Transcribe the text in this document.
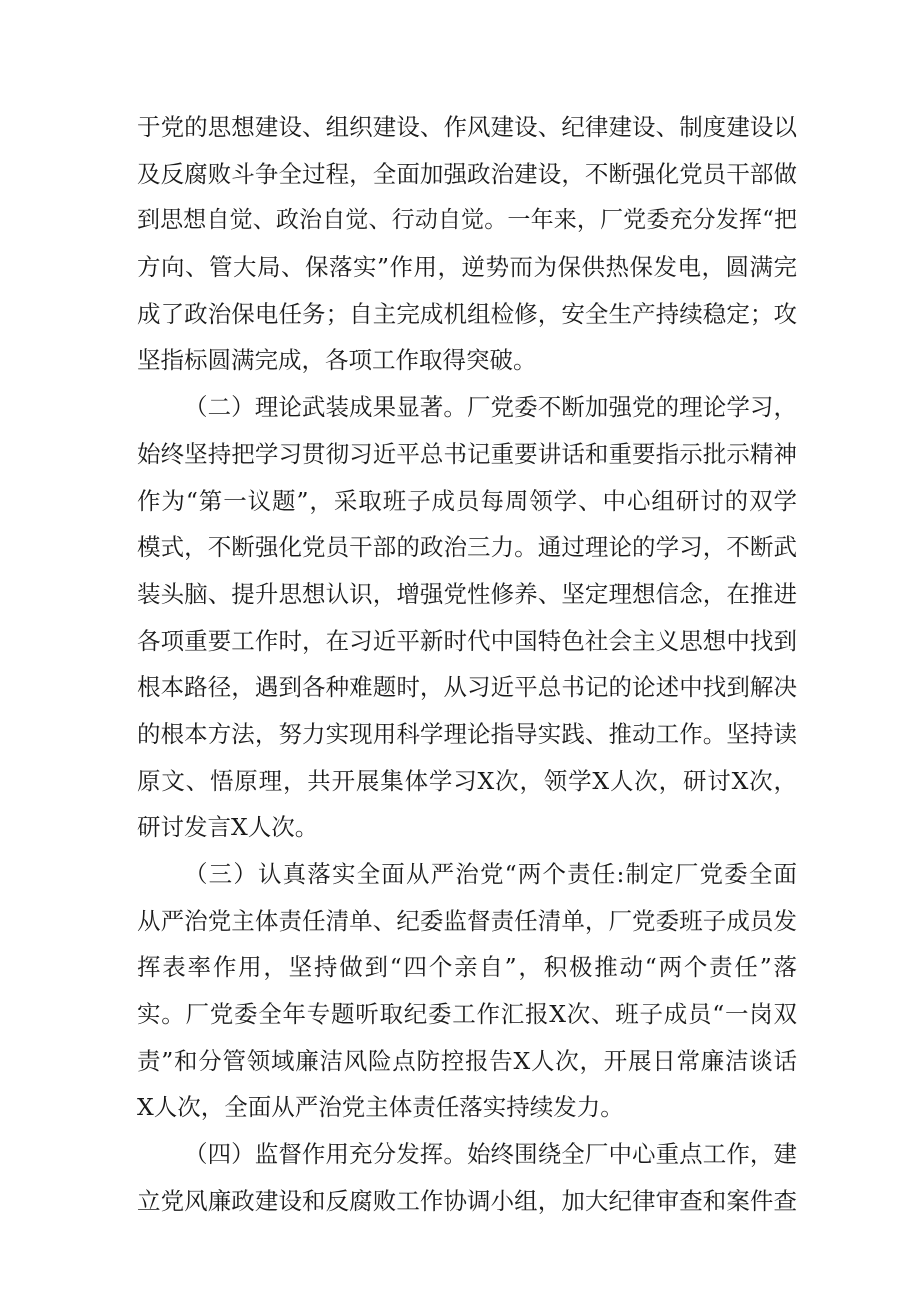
于党的思想建设、组织建设、作风建设、纪律建设、制度建设以
及反腐败斗争全过程，全面加强政治建设，不断强化党员干部做
到思想自觉、政治自觉、行动自觉。一年来，厂党委充分发挥“把
方向、管大局、保落实”作用，逆势而为保供热保发电，圆满完
成了政治保电任务；自主完成机组检修，安全生产持续稳定；攻
坚指标圆满完成，各项工作取得突破。
（二）理论武装成果显著。厂党委不断加强党的理论学习，
始终坚持把学习贯彻习近平总书记重要讲话和重要指示批示精神
作为“第一议题”，采取班子成员每周领学、中心组研讨的双学
模式，不断强化党员干部的政治三力。通过理论的学习，不断武
装头脑、提升思想认识，增强党性修养、坚定理想信念，在推进
各项重要工作时，在习近平新时代中国特色社会主义思想中找到
根本路径，遇到各种难题时，从习近平总书记的论述中找到解决
的根本方法，努力实现用科学理论指导实践、推动工作。坚持读
原文、悟原理，共开展集体学习X次，领学X人次，研讨X次，
研讨发言X人次。
（三）认真落实全面从严治党“两个责任:制定厂党委全面
从严治党主体责任清单、纪委监督责任清单，厂党委班子成员发
挥表率作用，坚持做到“四个亲自”，积极推动“两个责任”落
实。厂党委全年专题听取纪委工作汇报X次、班子成员“一岗双
责”和分管领域廉洁风险点防控报告X人次，开展日常廉洁谈话
X人次，全面从严治党主体责任落实持续发力。
（四）监督作用充分发挥。始终围绕全厂中心重点工作，建
立党风廉政建设和反腐败工作协调小组，加大纪律审查和案件查
